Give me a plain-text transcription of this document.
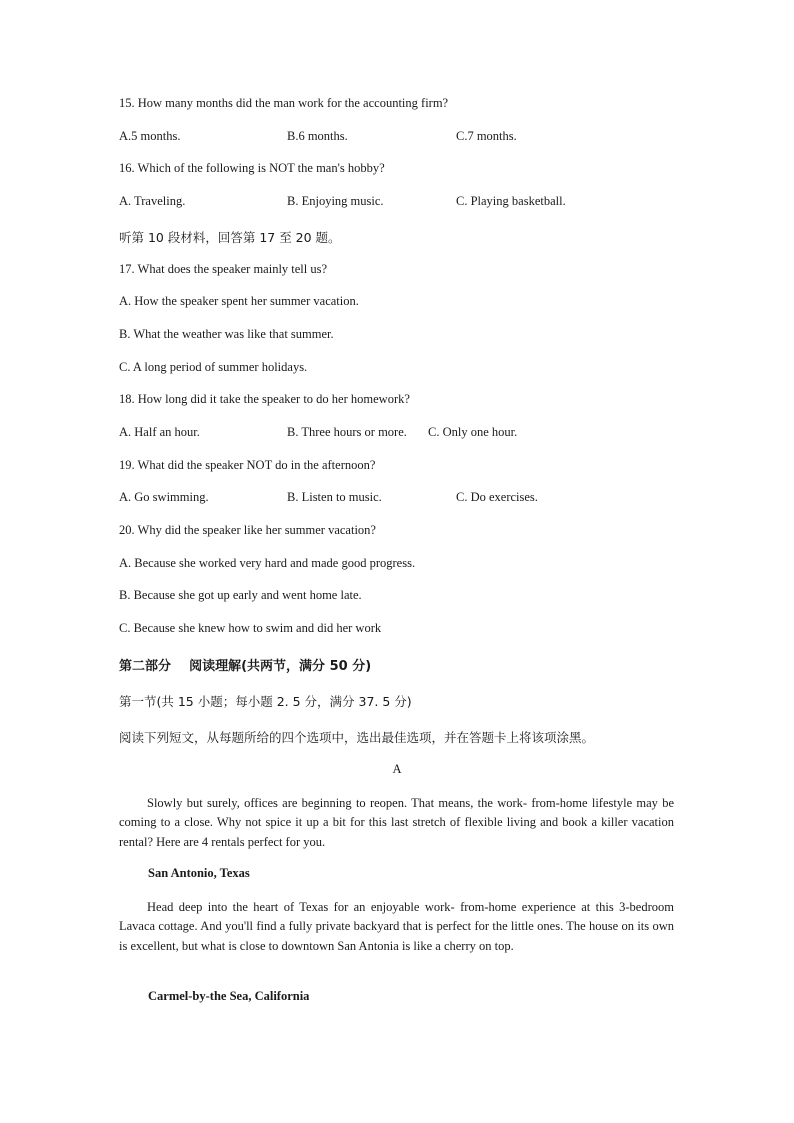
15. How many months did the man work for the accounting firm?
A.5 months.	B.6 months.	C.7 months.
16. Which of the following is NOT the man's hobby?
A. Traveling.	B. Enjoying music.	C. Playing basketball.
听第 10 段材料，回答第 17 至 20 题。
17. What does the speaker mainly tell us?
A. How the speaker spent her summer vacation.
B. What the weather was like that summer.
C. A long period of summer holidays.
18. How long did it take the speaker to do her homework?
A. Half an hour.	B. Three hours or more. C. Only one hour.
19. What did the speaker NOT do in the afternoon?
A. Go swimming.	B. Listen to music.	C. Do exercises.
20. Why did the speaker like her summer vacation?
A. Because she worked very hard and made good progress.
B. Because she got up early and went home late.
C. Because she knew how to swim and did her work
第二部分    阅读理解(共两节，满分 50 分)
第一节(共 15 小题；每小题 2. 5 分，满分 37. 5 分)
阅读下列短文，从每题所给的四个选项中，选出最佳选项，并在答题卡上将该项涂黑。
A
Slowly but surely, offices are beginning to reopen. That means, the work- from-home lifestyle may be coming to a close. Why not spice it up a bit for this last stretch of flexible living and book a killer vacation rental? Here are 4 rentals perfect for you.
San Antonio, Texas
Head deep into the heart of Texas for an enjoyable work- from-home experience at this 3-bedroom Lavaca cottage. And you'll find a fully private backyard that is perfect for the little ones. The house on its own is excellent, but what is close to downtown San Antonia is like a cherry on top.
Carmel-by-the Sea, California
